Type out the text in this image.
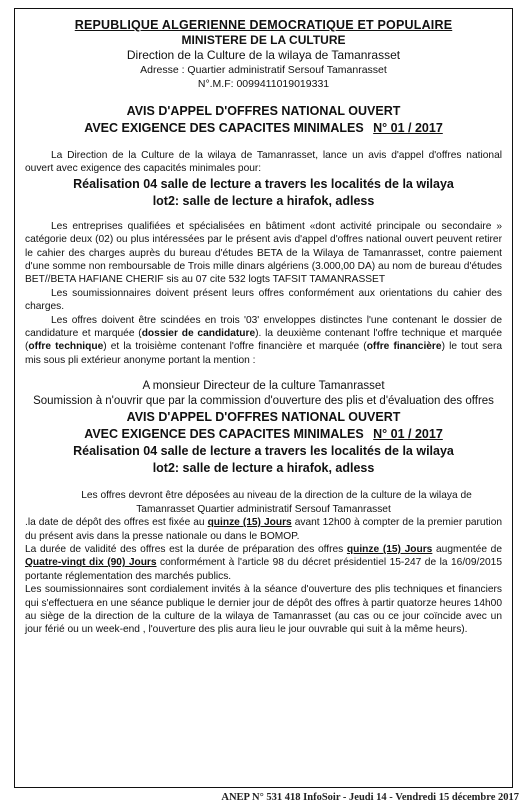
REPUBLIQUE ALGERIENNE DEMOCRATIQUE ET POPULAIRE
MINISTERE DE LA CULTURE
Direction de la Culture de la wilaya de Tamanrasset
Adresse : Quartier administratif Sersouf Tamanrasset
N°.M.F: 0099411019019331
AVIS D'APPEL D'OFFRES NATIONAL OUVERT
AVEC EXIGENCE DES CAPACITES MINIMALES N° 01 / 2017

La Direction de la Culture de la wilaya de Tamanrasset, lance un avis d'appel d'offres national ouvert avec exigence des capacités minimales pour:

Réalisation 04 salle de lecture a travers les localités de la wilaya
lot2: salle de lecture a hirafok, adless

Les entreprises qualifiées et spécialisées en bâtiment «dont activité principale ou secondaire » catégorie deux (02) ou plus intéressées par le présent avis d'appel d'offres national ouvert peuvent retirer le cahier des charges auprès du bureau d'études BETA de la Wilaya de Tamanrasset, contre paiement d'une somme non remboursable de Trois mille dinars algériens (3.000,00 DA) au nom de bureau d'études BET//BETA HAFIANE CHERIF sis au 07 cite 532 logts TAFSIT TAMANRASSET

Les soumissionnaires doivent présent leurs offres conformément aux orientations du cahier des charges.

Les offres doivent être scindées en trois '03' enveloppes distinctes l'une contenant le dossier de candidature et marquée (dossier de candidature). la deuxième contenant l'offre technique et marquée (offre technique) et la troisième contenant l'offre financière et marquée (offre financière) le tout sera mis sous pli extérieur anonyme portant la mention :

A monsieur Directeur de la culture Tamanrasset
Soumission à n'ouvrir que par la commission d'ouverture des plis et d'évaluation des offres
AVIS D'APPEL D'OFFRES NATIONAL OUVERT
AVEC EXIGENCE DES CAPACITES MINIMALES N° 01 / 2017
Réalisation 04 salle de lecture a travers les localités de la wilaya
lot2: salle de lecture a hirafok, adless

Les offres devront être déposées au niveau de la direction de la culture de la wilaya de Tamanrasset Quartier administratif Sersouf Tamanrasset

.la date de dépôt des offres est fixée au quinze (15) Jours avant 12h00 à compter de la premier parution du présent avis dans la presse nationale ou dans le BOMOP.

La durée de validité des offres est la durée de préparation des offres quinze (15) Jours augmentée de Quatre-vingt dix (90) Jours conformément à l'article 98 du décret présidentiel 15-247 de la 16/09/2015 portante réglementation des marchés publics.

Les soumissionnaires sont cordialement invités à la séance d'ouverture des plis techniques et financiers qui s'effectuera en une séance publique le dernier jour de dépôt des offres à partir quatorze heures 14h00 au siège de la direction de la culture de la wilaya de Tamanrasset (au cas ou ce jour coïncide avec un jour férié ou un week-end , l'ouverture des plis aura lieu le jour ouvrable qui suit à la même heurs).

ANEP N° 531 418 InfoSoir - Jeudi 14 - Vendredi 15 décembre 2017
